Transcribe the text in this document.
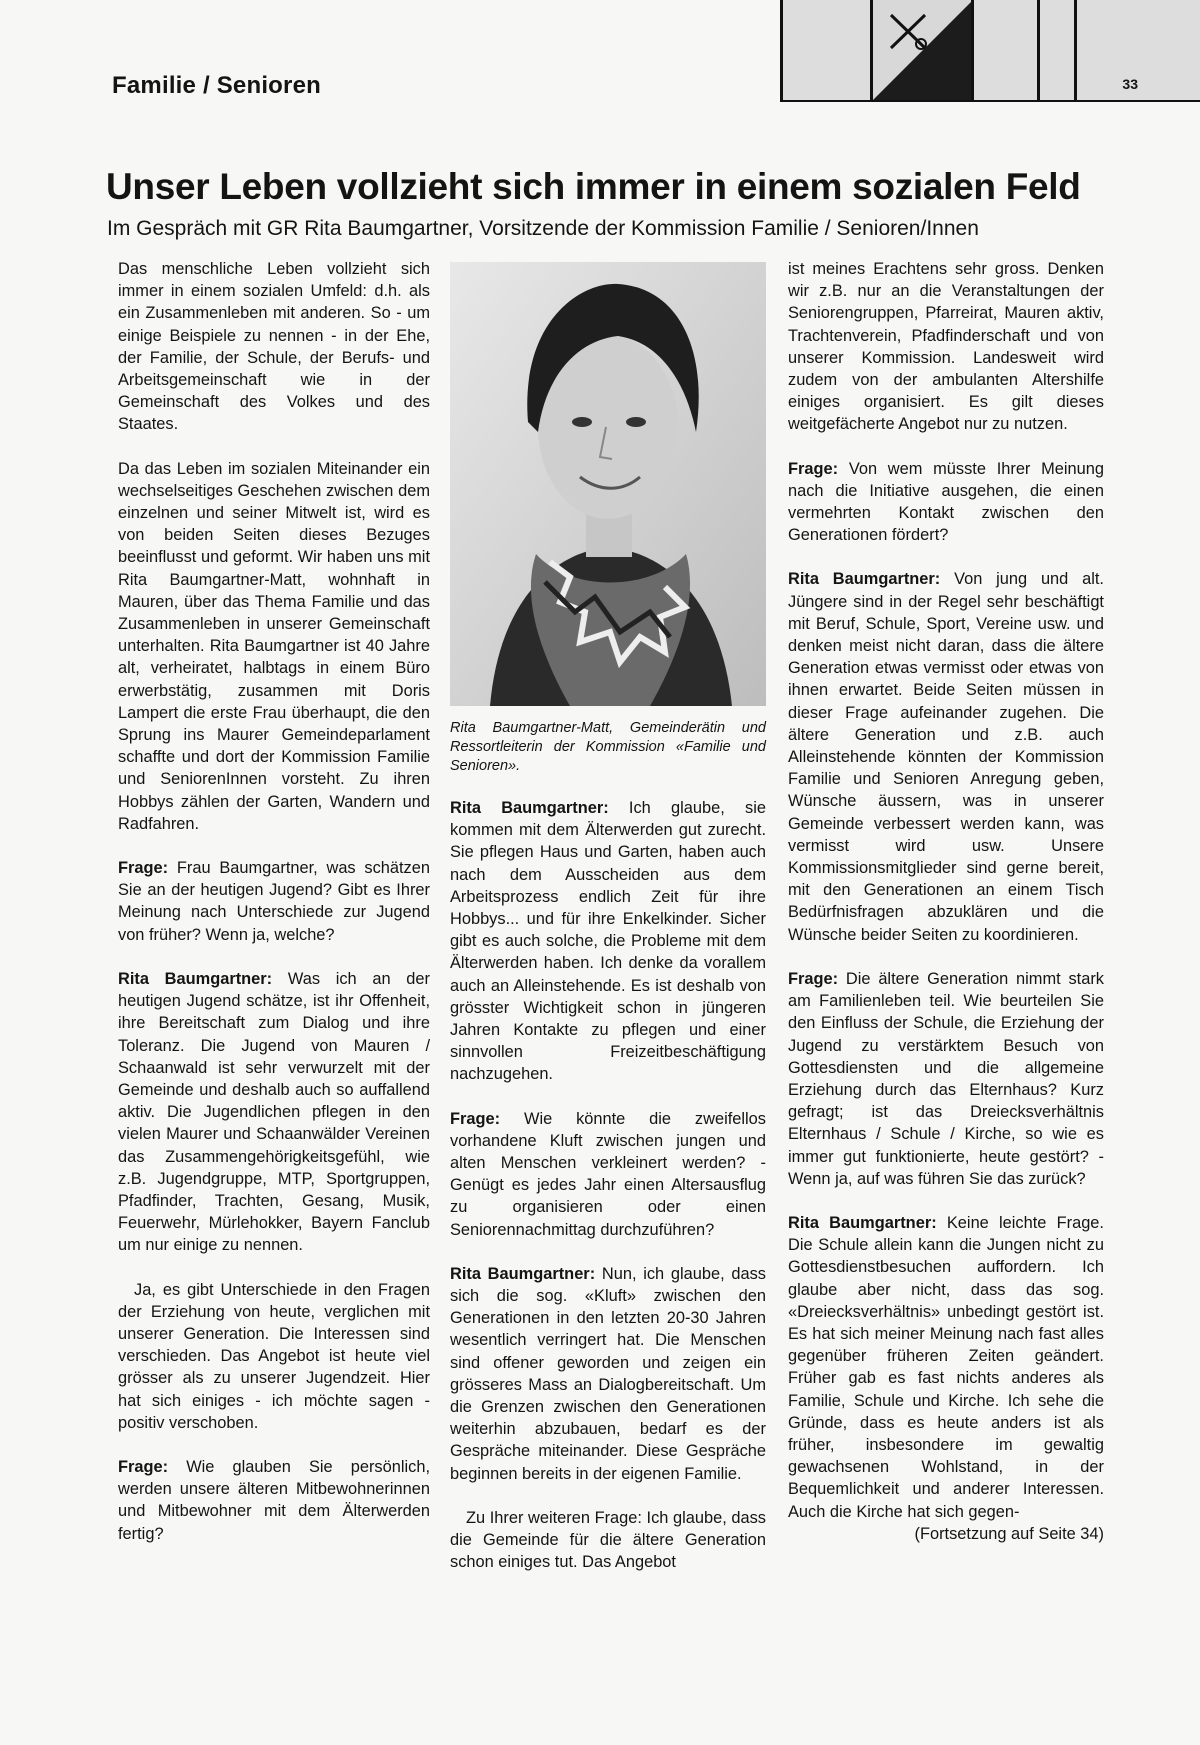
Familie / Senioren	33
Unser Leben vollzieht sich immer in einem sozialen Feld
Im Gespräch mit GR Rita Baumgartner, Vorsitzende der Kommission Familie / Senioren/Innen

Das menschliche Leben vollzieht sich immer in einem sozialen Umfeld: d.h. als ein Zusammenleben mit anderen. So - um einige Beispiele zu nennen - in der Ehe, der Familie, der Schule, der Berufs- und Arbeitsgemeinschaft wie in der Gemeinschaft des Volkes und des Staates.

Da das Leben im sozialen Miteinander ein wechselseitiges Geschehen zwischen dem einzelnen und seiner Mitwelt ist, wird es von beiden Seiten dieses Bezuges beeinflusst und geformt. Wir haben uns mit Rita Baumgartner-Matt, wohnhaft in Mauren, über das Thema Familie und das Zusammenleben in unserer Gemeinschaft unterhalten. Rita Baumgartner ist 40 Jahre alt, verheiratet, halbtags in einem Büro erwerbstätig, zusammen mit Doris Lampert die erste Frau überhaupt, die den Sprung ins Maurer Gemeindeparlament schaffte und dort der Kommission Familie und SeniorenInnen vorsteht. Zu ihren Hobbys zählen der Garten, Wandern und Radfahren.

Frage: Frau Baumgartner, was schätzen Sie an der heutigen Jugend? Gibt es Ihrer Meinung nach Unterschiede zur Jugend von früher? Wenn ja, welche?

Rita Baumgartner: Was ich an der heutigen Jugend schätze, ist ihr Offenheit, ihre Bereitschaft zum Dialog und ihre Toleranz. Die Jugend von Mauren / Schaanwald ist sehr verwurzelt mit der Gemeinde und deshalb auch so auffallend aktiv. Die Jugendlichen pflegen in den vielen Maurer und Schaanwälder Vereinen das Zusammengehörigkeitsgefühl, wie z.B. Jugendgruppe, MTP, Sportgruppen, Pfadfinder, Trachten, Gesang, Musik, Feuerwehr, Mürlehokker, Bayern Fanclub um nur einige zu nennen.

Ja, es gibt Unterschiede in den Fragen der Erziehung von heute, verglichen mit unserer Generation. Die Interessen sind verschieden. Das Angebot ist heute viel grösser als zu unserer Jugendzeit. Hier hat sich einiges - ich möchte sagen - positiv verschoben.

Frage: Wie glauben Sie persönlich, werden unsere älteren Mitbewohnerinnen und Mitbewohner mit dem Älterwerden fertig?

Rita Baumgartner-Matt, Gemeinderätin und Ressortleiterin der Kommission «Familie und Senioren».

Rita Baumgartner: Ich glaube, sie kommen mit dem Älterwerden gut zurecht. Sie pflegen Haus und Garten, haben auch nach dem Ausscheiden aus dem Arbeitsprozess endlich Zeit für ihre Hobbys... und für ihre Enkelkinder. Sicher gibt es auch solche, die Probleme mit dem Älterwerden haben. Ich denke da vorallem auch an Alleinstehende. Es ist deshalb von grösster Wichtigkeit schon in jüngeren Jahren Kontakte zu pflegen und einer sinnvollen Freizeitbeschäftigung nachzugehen.

Frage: Wie könnte die zweifellos vorhandene Kluft zwischen jungen und alten Menschen verkleinert werden? - Genügt es jedes Jahr einen Altersausflug zu organisieren oder einen Seniorennachmittag durchzuführen?

Rita Baumgartner: Nun, ich glaube, dass sich die sog. «Kluft» zwischen den Generationen in den letzten 20-30 Jahren wesentlich verringert hat. Die Menschen sind offener geworden und zeigen ein grösseres Mass an Dialogbereitschaft. Um die Grenzen zwischen den Generationen weiterhin abzubauen, bedarf es der Gespräche miteinander. Diese Gespräche beginnen bereits in der eigenen Familie.

Zu Ihrer weiteren Frage: Ich glaube, dass die Gemeinde für die ältere Generation schon einiges tut. Das Angebot

ist meines Erachtens sehr gross. Denken wir z.B. nur an die Veranstaltungen der Seniorengruppen, Pfarreirat, Mauren aktiv, Trachtenverein, Pfadfinderschaft und von unserer Kommission. Landesweit wird zudem von der ambulanten Altershilfe einiges organisiert. Es gilt dieses weitgefächerte Angebot nur zu nutzen.

Frage: Von wem müsste Ihrer Meinung nach die Initiative ausgehen, die einen vermehrten Kontakt zwischen den Generationen fördert?

Rita Baumgartner: Von jung und alt. Jüngere sind in der Regel sehr beschäftigt mit Beruf, Schule, Sport, Vereine usw. und denken meist nicht daran, dass die ältere Generation etwas vermisst oder etwas von ihnen erwartet. Beide Seiten müssen in dieser Frage aufeinander zugehen. Die ältere Generation und z.B. auch Alleinstehende könnten der Kommission Familie und Senioren Anregung geben, Wünsche äussern, was in unserer Gemeinde verbessert werden kann, was vermisst wird usw. Unsere Kommissionsmitglieder sind gerne bereit, mit den Generationen an einem Tisch Bedürfnisfragen abzuklären und die Wünsche beider Seiten zu koordinieren.

Frage: Die ältere Generation nimmt stark am Familienleben teil. Wie beurteilen Sie den Einfluss der Schule, die Erziehung der Jugend zu verstärktem Besuch von Gottesdiensten und die allgemeine Erziehung durch das Elternhaus? Kurz gefragt; ist das Dreiecksverhältnis Elternhaus / Schule / Kirche, so wie es immer gut funktionierte, heute gestört? - Wenn ja, auf was führen Sie das zurück?

Rita Baumgartner: Keine leichte Frage. Die Schule allein kann die Jungen nicht zu Gottesdienstbesuchen auffordern. Ich glaube aber nicht, dass das sog. «Dreiecksverhältnis» unbedingt gestört ist. Es hat sich meiner Meinung nach fast alles gegenüber früheren Zeiten geändert. Früher gab es fast nichts anderes als Familie, Schule und Kirche. Ich sehe die Gründe, dass es heute anders ist als früher, insbesondere im gewaltig gewachsenen Wohlstand, in der Bequemlichkeit und anderer Interessen. Auch die Kirche hat sich gegen-

(Fortsetzung auf Seite 34)
